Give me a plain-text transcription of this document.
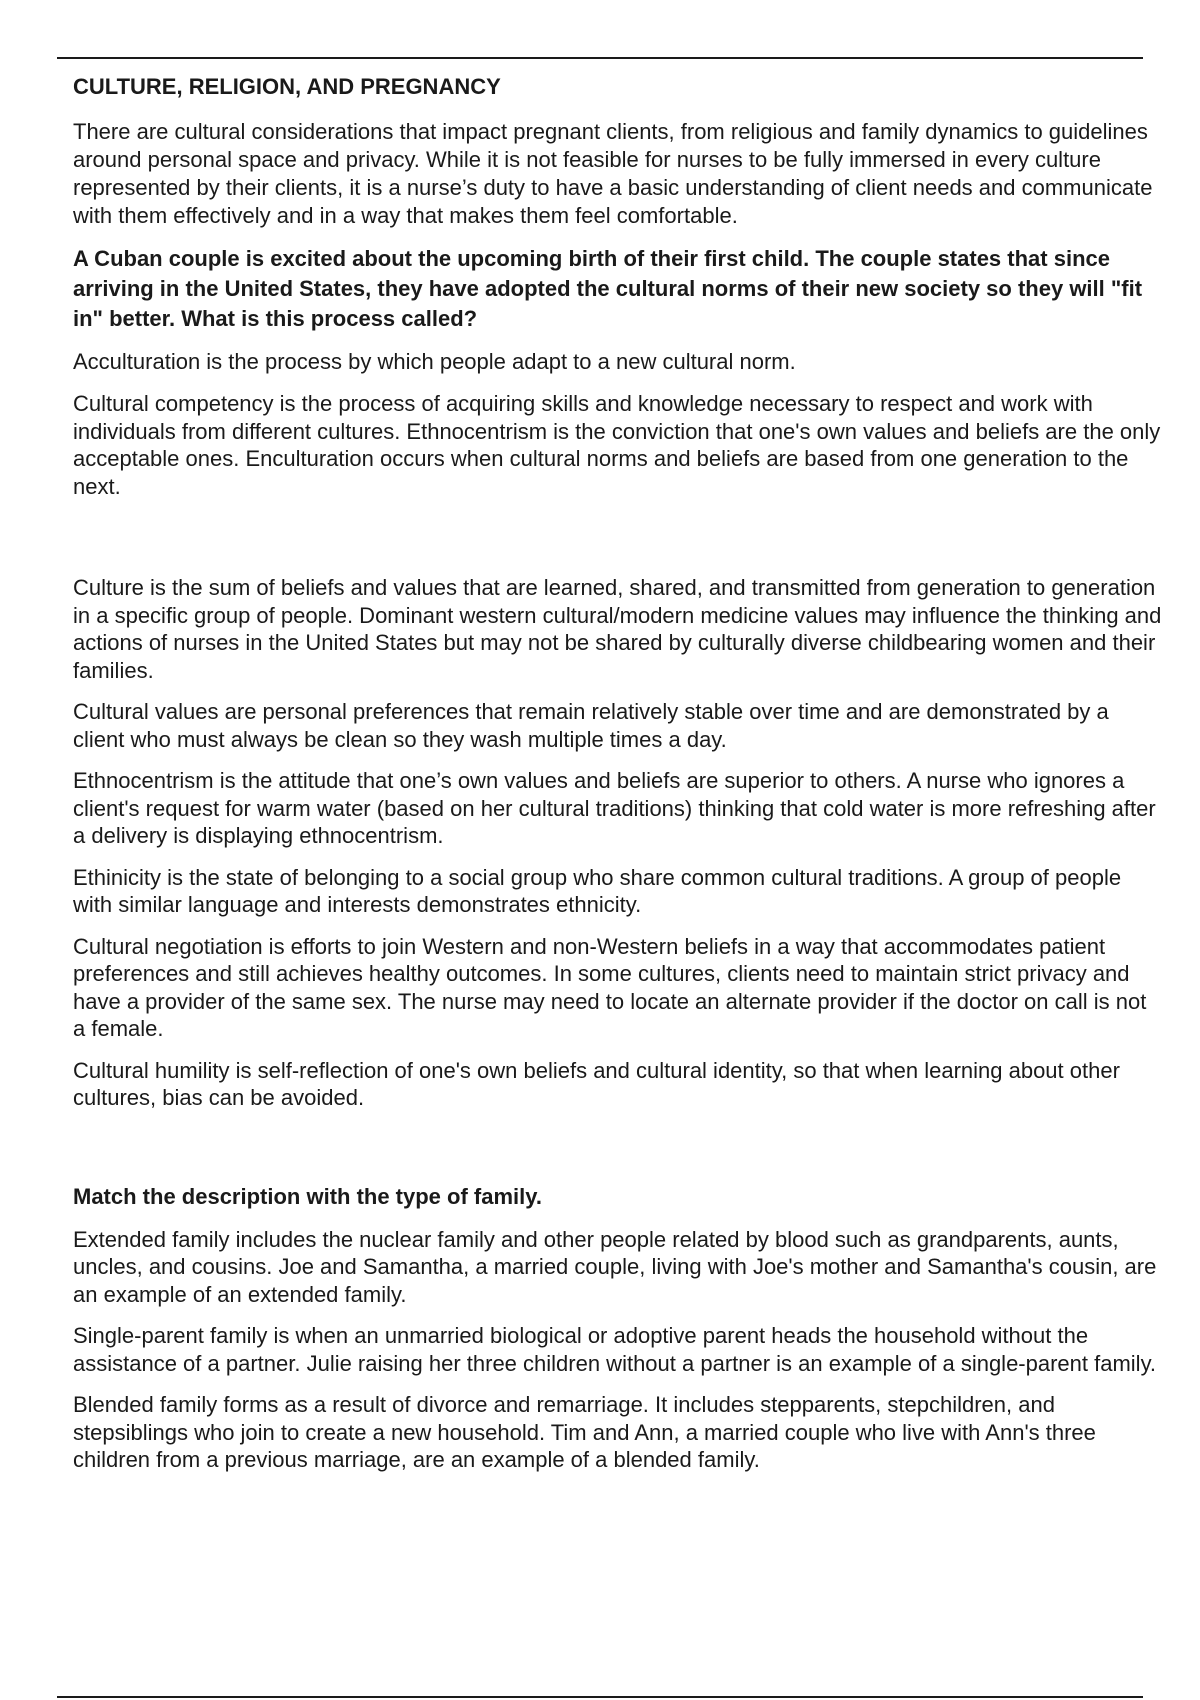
CULTURE, RELIGION, AND PREGNANCY

There are cultural considerations that impact pregnant clients, from religious and family dynamics to guidelines around personal space and privacy. While it is not feasible for nurses to be fully immersed in every culture represented by their clients, it is a nurse’s duty to have a basic understanding of client needs and communicate with them effectively and in a way that makes them feel comfortable.

A Cuban couple is excited about the upcoming birth of their first child. The couple states that since arriving in the United States, they have adopted the cultural norms of their new society so they will "fit in" better. What is this process called?

Acculturation is the process by which people adapt to a new cultural norm.

Cultural competency is the process of acquiring skills and knowledge necessary to respect and work with individuals from different cultures. Ethnocentrism is the conviction that one's own values and beliefs are the only acceptable ones. Enculturation occurs when cultural norms and beliefs are based from one generation to the next.

Culture is the sum of beliefs and values that are learned, shared, and transmitted from generation to generation in a specific group of people. Dominant western cultural/modern medicine values may influence the thinking and actions of nurses in the United States but may not be shared by culturally diverse childbearing women and their families.

Cultural values are personal preferences that remain relatively stable over time and are demonstrated by a client who must always be clean so they wash multiple times a day.

Ethnocentrism is the attitude that one’s own values and beliefs are superior to others. A nurse who ignores a client's request for warm water (based on her cultural traditions) thinking that cold water is more refreshing after a delivery is displaying ethnocentrism.

Ethinicity is the state of belonging to a social group who share common cultural traditions. A group of people with similar language and interests demonstrates ethnicity.

Cultural negotiation is efforts to join Western and non-Western beliefs in a way that accommodates patient preferences and still achieves healthy outcomes. In some cultures, clients need to maintain strict privacy and have a provider of the same sex. The nurse may need to locate an alternate provider if the doctor on call is not a female.

Cultural humility is self-reflection of one's own beliefs and cultural identity, so that when learning about other cultures, bias can be avoided.

Match the description with the type of family.

Extended family includes the nuclear family and other people related by blood such as grandparents, aunts, uncles, and cousins. Joe and Samantha, a married couple, living with Joe's mother and Samantha's cousin, are an example of an extended family.

Single-parent family is when an unmarried biological or adoptive parent heads the household without the assistance of a partner. Julie raising her three children without a partner is an example of a single-parent family.

Blended family forms as a result of divorce and remarriage. It includes stepparents, stepchildren, and stepsiblings who join to create a new household. Tim and Ann, a married couple who live with Ann's three children from a previous marriage, are an example of a blended family.
